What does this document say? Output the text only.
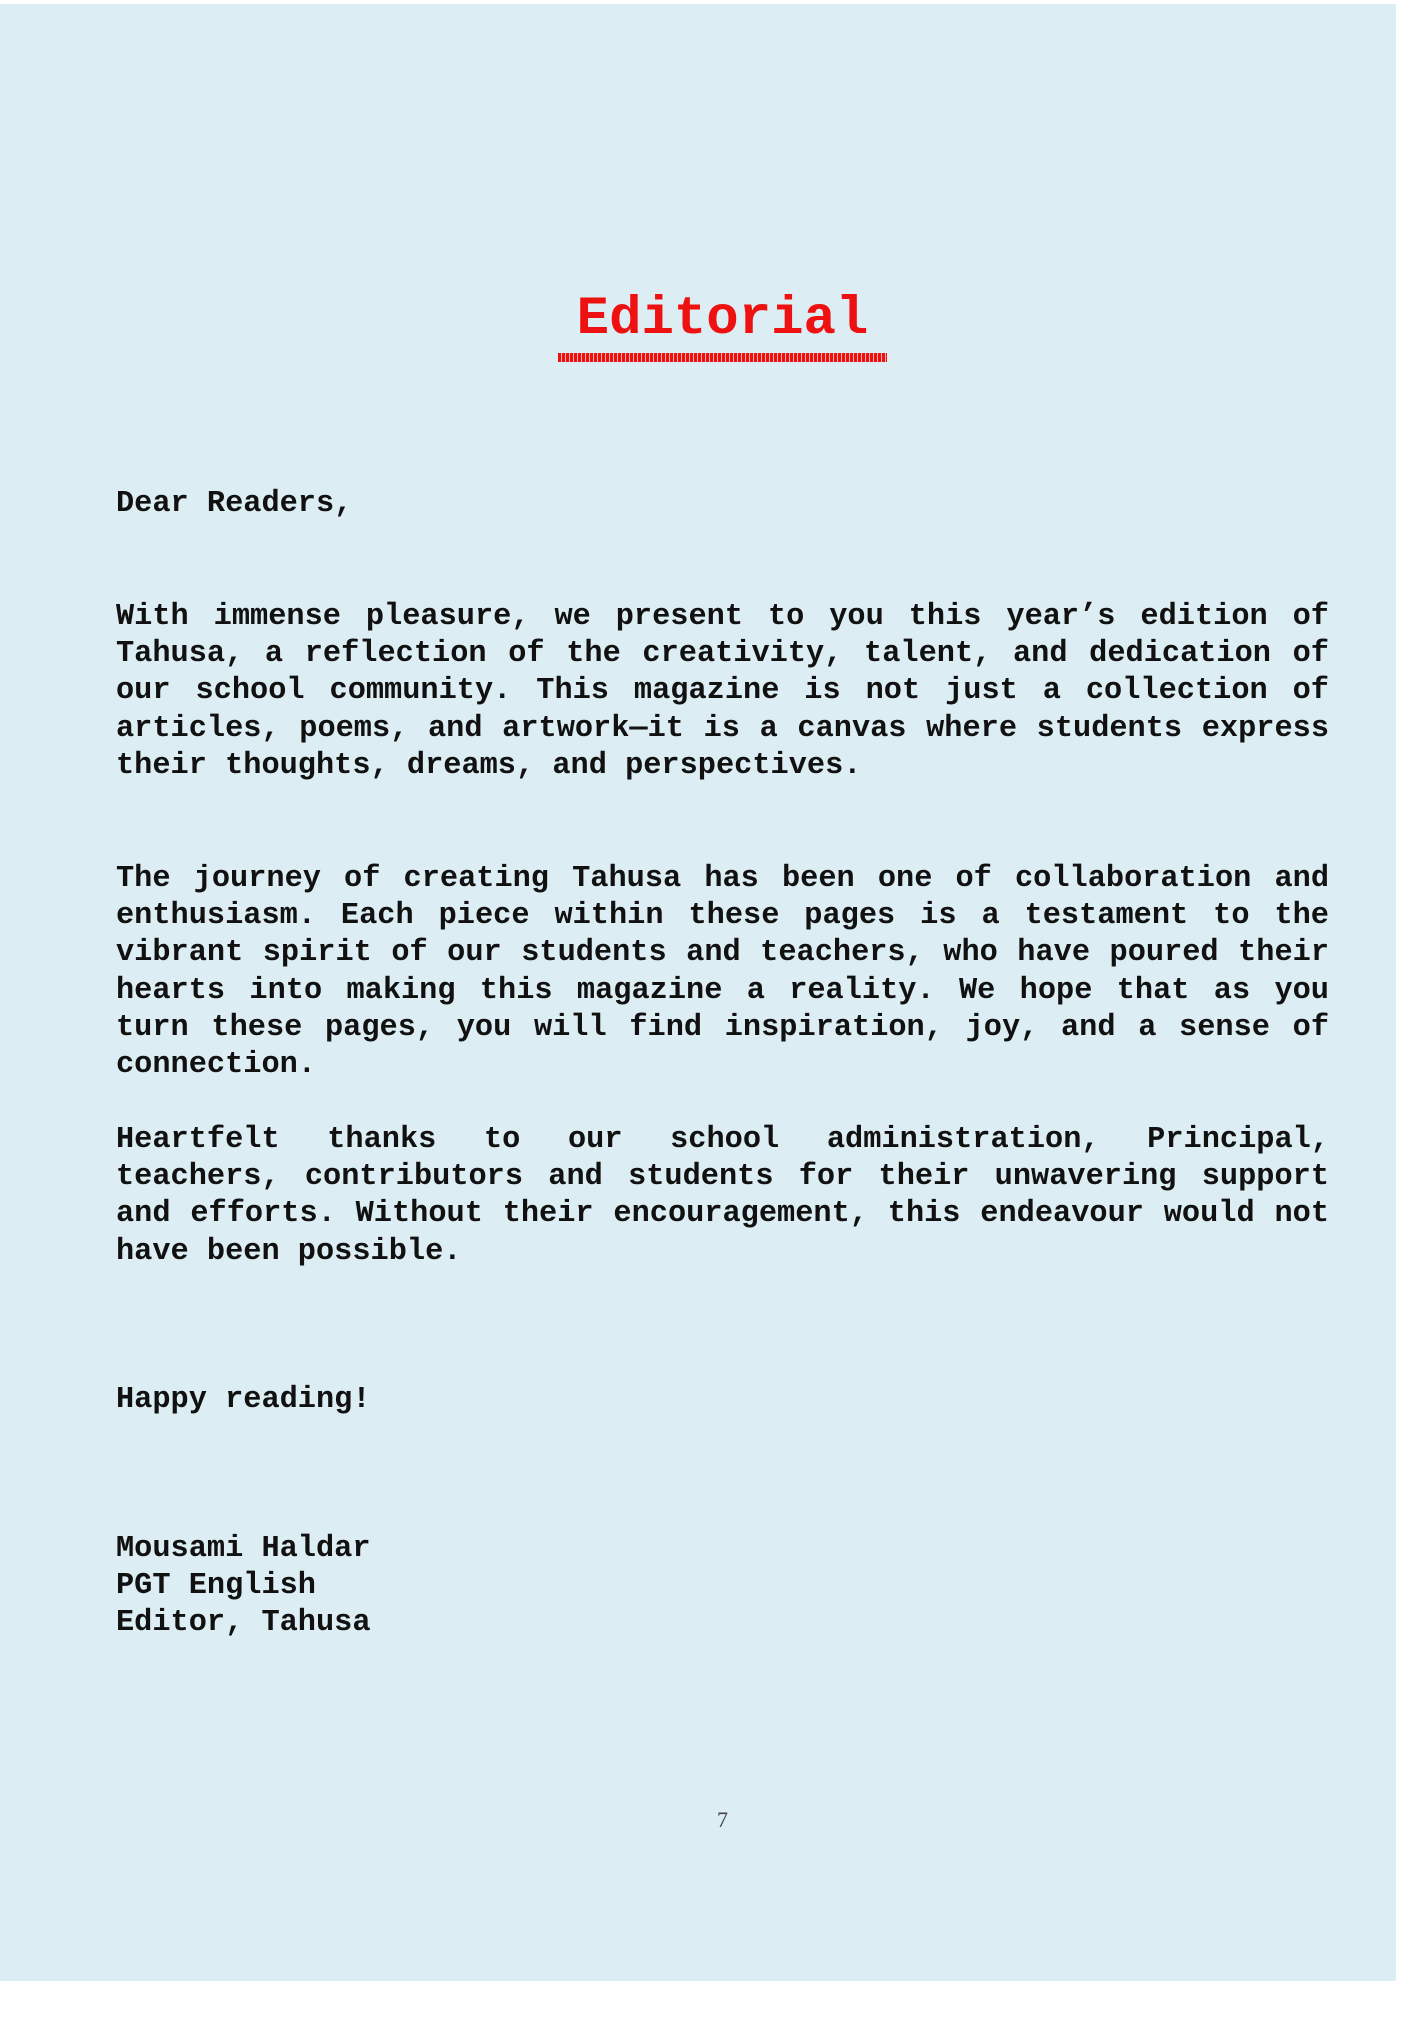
Editorial

Dear Readers,

With immense pleasure, we present to you this year’s edition of Tahusa, a reflection of the creativity, talent, and dedication of our school community. This magazine is not just a collection of articles, poems, and artwork—it is a canvas where students express their thoughts, dreams, and perspectives.

The journey of creating Tahusa has been one of collaboration and enthusiasm. Each piece within these pages is a testament to the vibrant spirit of our students and teachers, who have poured their hearts into making this magazine a reality. We hope that as you turn these pages, you will find inspiration, joy, and a sense of connection.

Heartfelt thanks to our school administration, Principal, teachers, contributors and students for their unwavering support and efforts. Without their encouragement, this endeavour would not have been possible.

Happy reading!

Mousami Haldar
PGT English
Editor, Tahusa
7
